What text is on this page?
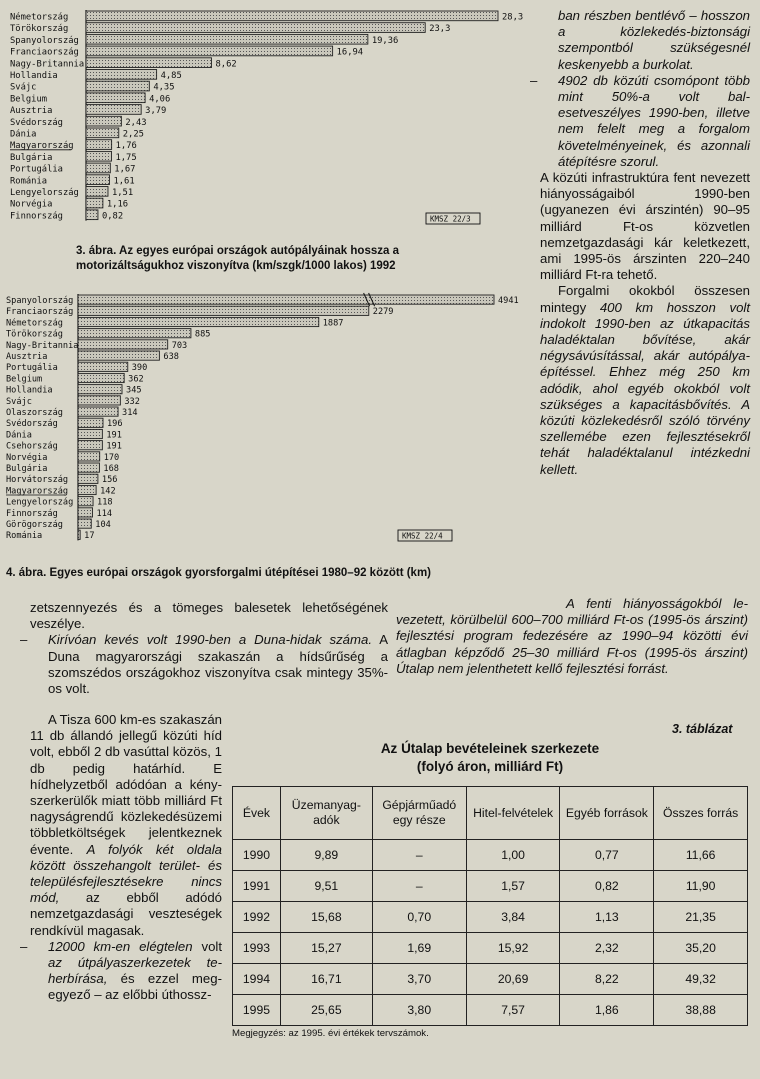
Németország	28,3
Törökország	23,3
Spanyolország	19,36
Franciaország	16,94
Nagy-Britannia	8,62
Hollandia	4,85
Svájc	4,35
Belgium	4,06
Ausztria	3,79
Svédország	2,43
Dánia	2,25
Magyarország	1,76
Bulgária	1,75
Portugália	1,67
Románia	1,61
Lengyelország	1,51
Norvégia	1,16
Finnország	0,82	KMSZ 22/3
3. ábra. Az egyes európai országok autópályáinak hossza a
motorizáltságukhoz viszonyítva (km/szgk/1000 lakos) 1992
Spanyolország	4941
Franciaország	2279
Németország	1887
Törökország	885
Nagy-Britannia	703
Ausztria	638
Portugália	390
Belgium	362
Hollandia	345
Svájc	332
Olaszország	314
Svédország	196
Dánia	191
Csehország	191
Norvégia	170
Bulgária	168
Horvátország	156
Magyarország	142
Lengyelország	118
Finnország	114
Görögország	104
Románia	17	KMSZ 22/4
4. ábra. Egyes európai országok gyorsforgalmi útépítései 1980–92 között (km)

ban részben bentlévő – hosszon a közlekedés-biztonsági szempontból szükségesnél keskenyebb a burkolat.

– 4902 db közúti csomópont több mint 50%-a volt balesetveszélyes 1990-ben, illetve nem felelt meg a forgalom követelményeinek, és azonnali átépítésre szorul.

A közúti infrastruktúra fent nevezett hiányosságaiból 1990-ben (ugyanezen évi árszintén) 90–95 milliárd Ft-os közvetlen nemzetgazdasági kár keletkezett, ami 1995-ös árszinten 220–240 milliárd Ft-ra tehető.

Forgalmi okokból összesen mintegy 400 km hosszon volt indokolt 1990-ben az útkapacitás haladéktalan bővítése, akár négysávúsítással, akár autópálya-építéssel. Ehhez még 250 km adódik, ahol egyéb okokból volt szükséges a kapacitásbővítés. A közúti közlekedésről szóló törvény szellemébe ezen fejlesztésekről tehát haladéktalanul intézkedni kellett.

A fenti hiányosságokból levezetett, körülbelül 600–700 milliárd Ft-os (1995-ös árszint) fejlesztési program fedezésére az 1990–94 közötti évi átlagban képződő 25–30 milliárd Ft-os (1995-ös árszint) Útalap nem jelenthetett kellő fejlesztési forrást.

zetszennyezés és a tömeges balesetek lehetőségének veszélye.

– Kirívóan kevés volt 1990-ben a Duna-hidak száma. A Duna magyarországi szakaszán a hídsűrűség a szomszédos országokhoz viszonyítva csak mintegy 35%-os volt.

A Tisza 600 km-es szakaszán 11 db állandó jellegű közúti híd volt, ebből 2 db vasúttal közös, 1 db pedig határhíd. E hídhelyzetből adódóan a kényszerkerülők miatt több milliárd Ft nagyságrendű közlekedésüzemi többletköltségek jelentkeznek évente. A folyók két oldala között összehangolt terület- és településfejlesztésekre nincs mód, az ebből adódó nemzetgazdasági veszteségek rendkívül magasak.

– 12000 km-en elégtelen volt az útpályaszerkezetek teherbírása, és ezzel megegyező – az előbbi úthossz-

3. táblázat
Az Útalap bevételeinek szerkezete
(folyó áron, milliárd Ft)
Évek	Üzemanyag-adók	Gépjárműadó egy része	Hitel-felvételek	Egyéb források	Összes forrás
1990	9,89	–	1,00	0,77	11,66
1991	9,51	–	1,57	0,82	11,90
1992	15,68	0,70	3,84	1,13	21,35
1993	15,27	1,69	15,92	2,32	35,20
1994	16,71	3,70	20,69	8,22	49,32
1995	25,65	3,80	7,57	1,86	38,88
Megjegyzés: az 1995. évi értékek tervszámok.
